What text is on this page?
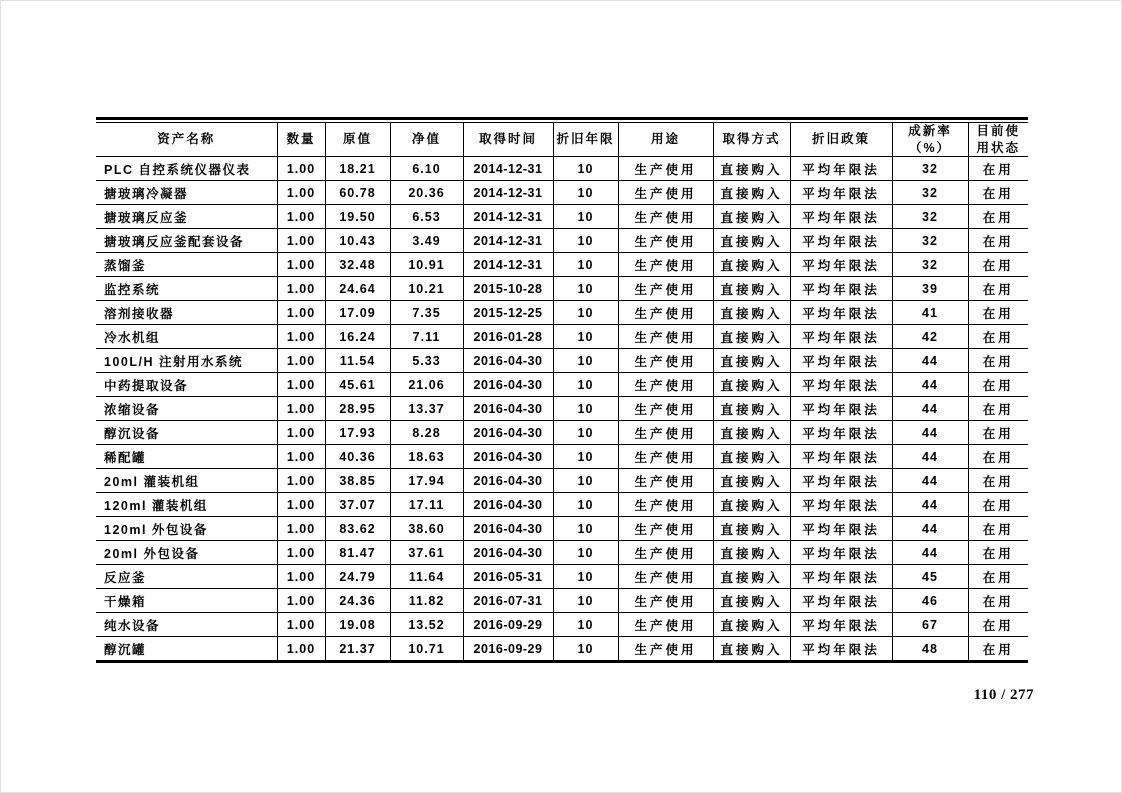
资产名称	数量	原值	净值	取得时间	折旧年限	用途	取得方式	折旧政策	成新率（%）	目前使用状态
PLC 自控系统仪器仪表	1.00	18.21	6.10	2014-12-31	10	生产使用	直接购入	平均年限法	32	在用
搪玻璃冷凝器	1.00	60.78	20.36	2014-12-31	10	生产使用	直接购入	平均年限法	32	在用
搪玻璃反应釜	1.00	19.50	6.53	2014-12-31	10	生产使用	直接购入	平均年限法	32	在用
搪玻璃反应釜配套设备	1.00	10.43	3.49	2014-12-31	10	生产使用	直接购入	平均年限法	32	在用
蒸馏釜	1.00	32.48	10.91	2014-12-31	10	生产使用	直接购入	平均年限法	32	在用
监控系统	1.00	24.64	10.21	2015-10-28	10	生产使用	直接购入	平均年限法	39	在用
溶剂接收器	1.00	17.09	7.35	2015-12-25	10	生产使用	直接购入	平均年限法	41	在用
冷水机组	1.00	16.24	7.11	2016-01-28	10	生产使用	直接购入	平均年限法	42	在用
100L/H 注射用水系统	1.00	11.54	5.33	2016-04-30	10	生产使用	直接购入	平均年限法	44	在用
中药提取设备	1.00	45.61	21.06	2016-04-30	10	生产使用	直接购入	平均年限法	44	在用
浓缩设备	1.00	28.95	13.37	2016-04-30	10	生产使用	直接购入	平均年限法	44	在用
醇沉设备	1.00	17.93	8.28	2016-04-30	10	生产使用	直接购入	平均年限法	44	在用
稀配罐	1.00	40.36	18.63	2016-04-30	10	生产使用	直接购入	平均年限法	44	在用
20ml 灌装机组	1.00	38.85	17.94	2016-04-30	10	生产使用	直接购入	平均年限法	44	在用
120ml 灌装机组	1.00	37.07	17.11	2016-04-30	10	生产使用	直接购入	平均年限法	44	在用
120ml 外包设备	1.00	83.62	38.60	2016-04-30	10	生产使用	直接购入	平均年限法	44	在用
20ml 外包设备	1.00	81.47	37.61	2016-04-30	10	生产使用	直接购入	平均年限法	44	在用
反应釜	1.00	24.79	11.64	2016-05-31	10	生产使用	直接购入	平均年限法	45	在用
干燥箱	1.00	24.36	11.82	2016-07-31	10	生产使用	直接购入	平均年限法	46	在用
纯水设备	1.00	19.08	13.52	2016-09-29	10	生产使用	直接购入	平均年限法	67	在用
醇沉罐	1.00	21.37	10.71	2016-09-29	10	生产使用	直接购入	平均年限法	48	在用
110 / 277
